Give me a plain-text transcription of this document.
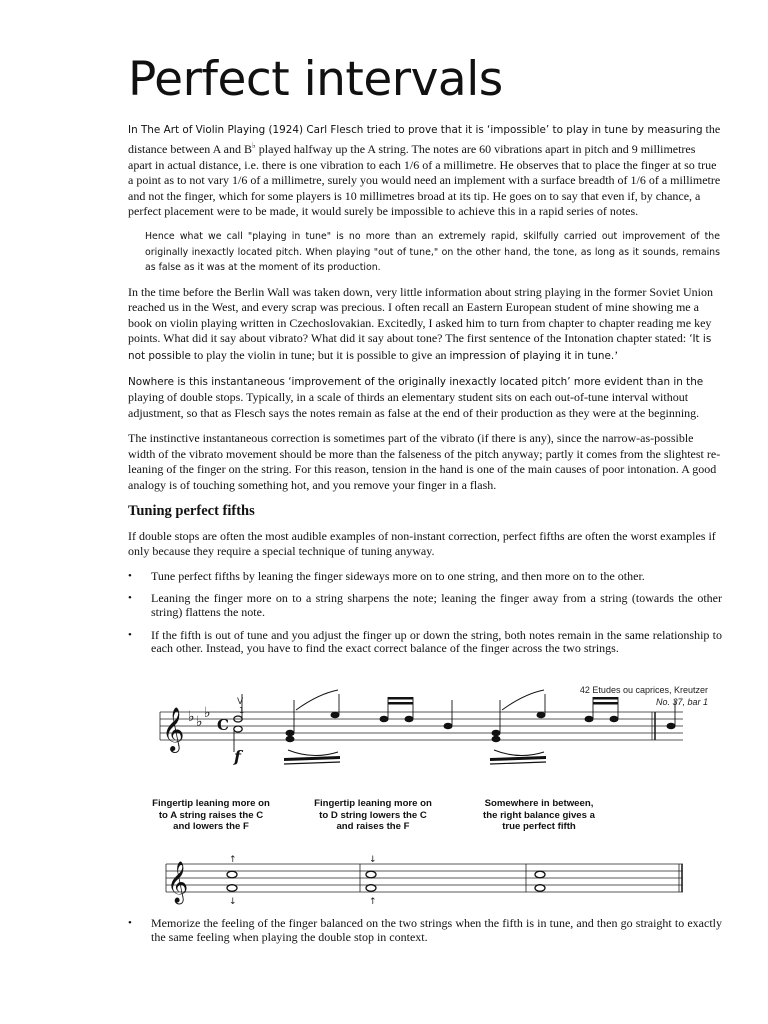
Perfect intervals

In The Art of Violin Playing (1924) Carl Flesch tried to prove that it is ‘impossible’ to play in tune by measuring the distance between A and B♭ played halfway up the A string. The notes are 60 vibrations apart in pitch and 9 millimetres apart in actual distance, i.e. there is one vibration to each 1/6 of a millimetre. He observes that to place the finger at so true a point as to not vary 1/6 of a millimetre, surely you would need an implement with a surface breadth of 1/6 of a millimetre and not the finger, which for some players is 10 millimetres broad at its tip. He goes on to say that even if, by chance, a perfect placement were to be made, it would surely be impossible to achieve this in a rapid series of notes.

Hence what we call "playing in tune" is no more than an extremely rapid, skilfully carried out improvement of the originally inexactly located pitch. When playing "out of tune," on the other hand, the tone, as long as it sounds, remains as false as it was at the moment of its production.

In the time before the Berlin Wall was taken down, very little information about string playing in the former Soviet Union reached us in the West, and every scrap was precious. I often recall an Eastern European student of mine showing me a book on violin playing written in Czechoslovakian. Excitedly, I asked him to turn from chapter to chapter reading me key points. What did it say about vibrato? What did it say about tone? The first sentence of the Intonation chapter stated: ‘It is not possible to play the violin in tune; but it is possible to give an impression of playing it in tune.’

Nowhere is this instantaneous ‘improvement of the originally inexactly located pitch’ more evident than in the playing of double stops. Typically, in a scale of thirds an elementary student sits on each out-of-tune interval without adjustment, so that as Flesch says the notes remain as false at the end of their production as they were at the beginning.

The instinctive instantaneous correction is sometimes part of the vibrato (if there is any), since the narrow-as-possible width of the vibrato movement should be more than the falseness of the pitch anyway; partly it comes from the slightest re-leaning of the finger on the string. For this reason, tension in the hand is one of the main causes of poor intonation. A good analogy is of touching something hot, and you remove your finger in a flash.

Tuning perfect fifths

If double stops are often the most audible examples of non-instant correction, perfect fifths are often the worst examples if only because they require a special technique of tuning anyway.

• Tune perfect fifths by leaning the finger sideways more on to one string, and then more on to the other.
• Leaning the finger more on to a string sharpens the note; leaning the finger away from a string (towards the other string) flattens the note.
• If the fifth is out of tune and you adjust the finger up or down the string, both notes remain in the same relationship to each other. Instead, you have to find the exact correct balance of the finger across the two strings.
42 Etudes ou caprices, Kreutzer
No. 37, bar 1
𝄞 ♭ ♭
♭
C
V
1
f
↑	↓
𝄞	↓	↑
Fingertip leaning more on to A string raises the C and lowers the F
Fingertip leaning more on to D string lowers the C and raises the F
Somewhere in between, the right balance gives a true perfect fifth
• Memorize the feeling of the finger balanced on the two strings when the fifth is in tune, and then go straight to exactly the same feeling when playing the double stop in context.
